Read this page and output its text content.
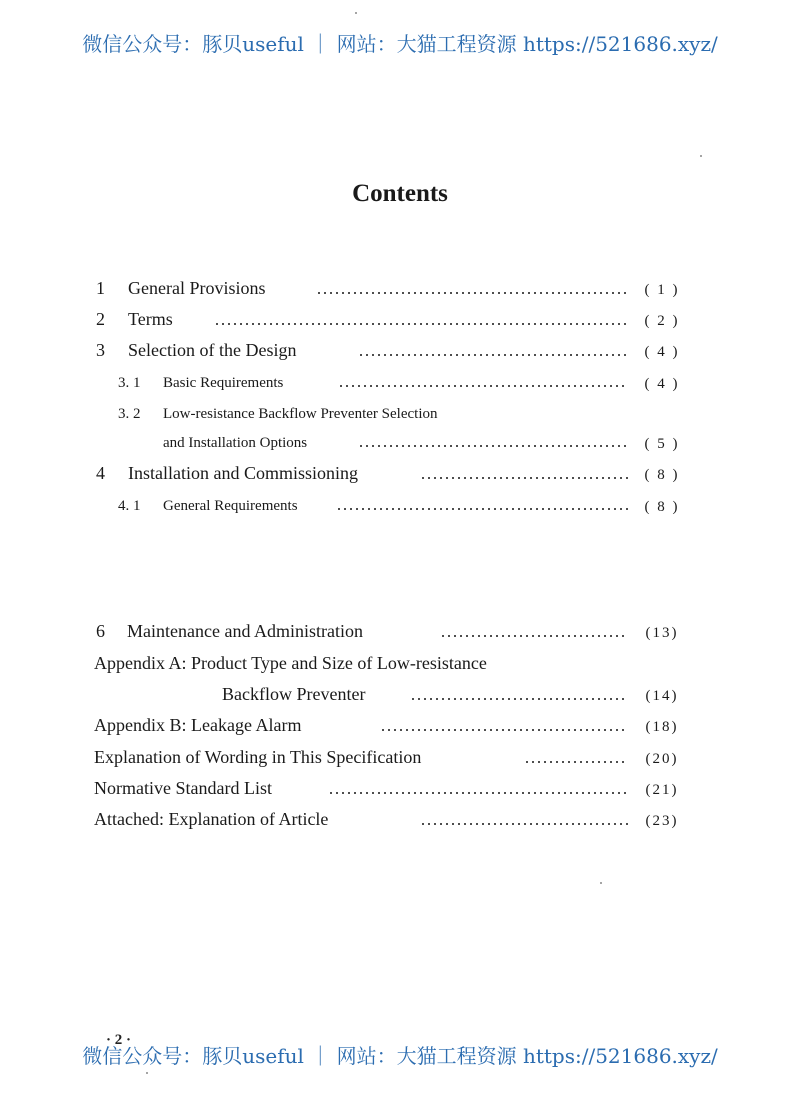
微信公众号：豚贝useful ｜ 网站：大猫工程资源 https://521686.xyz/
Contents
1 General Provisions	( 1 )
2 Terms	( 2 )
3 Selection of the Design	( 4 )
3. 1 Basic Requirements	( 4 )
3. 2 Low-resistance Backflow Preventer Selection
and Installation Options	( 5 )
4 Installation and Commissioning	( 8 )
4. 1 General Requirements	( 8 )
6 Maintenance and Administration	(13)
Appendix A: Product Type and Size of Low-resistance
Backflow Preventer	(14)
Appendix B: Leakage Alarm	(18)
Explanation of Wording in This Specification	(20)
Normative Standard List	(21)
Attached: Explanation of Article	(23)
· 2 ·
微信公众号：豚贝useful ｜ 网站：大猫工程资源 https://521686.xyz/
